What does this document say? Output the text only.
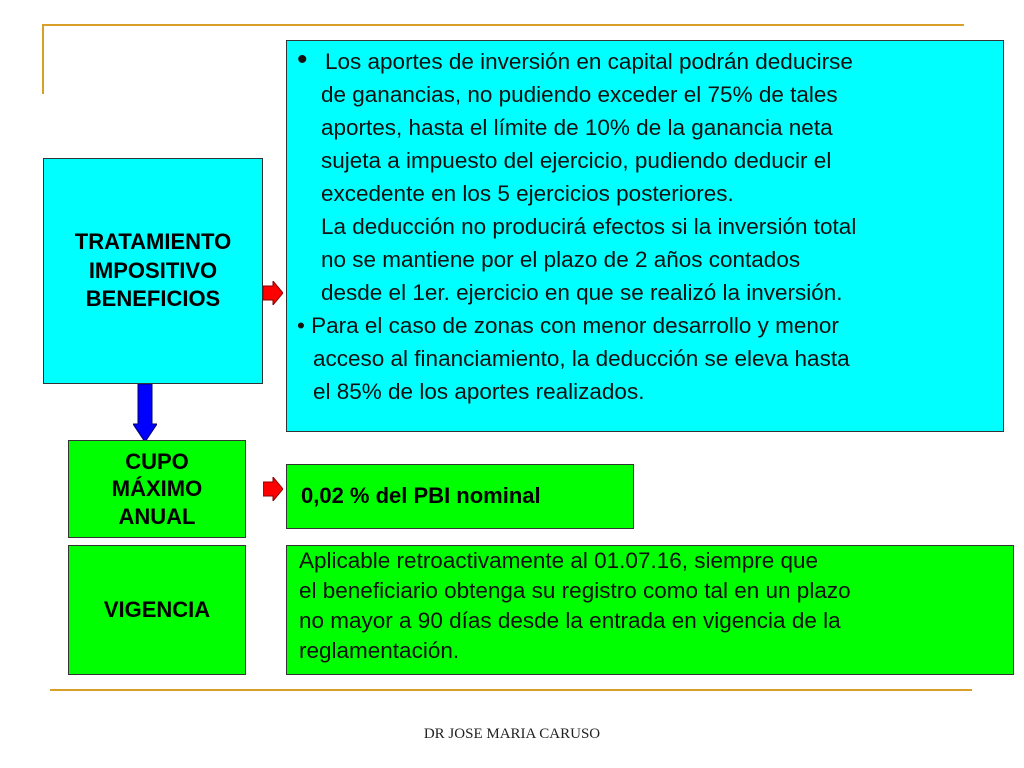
TRATAMIENTO
IMPOSITIVO
BENEFICIOS
CUPO
MÁXIMO
ANUAL
VIGENCIA

• Los aportes de inversión en capital podrán deducirse

de ganancias, no pudiendo exceder el 75% de tales

aportes, hasta el límite de 10% de la ganancia neta

sujeta a impuesto del ejercicio, pudiendo deducir el

excedente en los 5 ejercicios posteriores.

La deducción no producirá efectos si la inversión total

no se mantiene por el plazo de 2 años contados

desde el 1er. ejercicio en que se realizó la inversión.

• Para el caso de zonas con menor desarrollo y menor

acceso al financiamiento, la deducción se eleva hasta

el 85% de los aportes realizados.

0,02 % del PBI nominal

Aplicable retroactivamente al 01.07.16, siempre que

el beneficiario obtenga su registro como tal en un plazo

no mayor a 90 días desde la entrada en vigencia de la

reglamentación.

DR JOSE MARIA CARUSO
